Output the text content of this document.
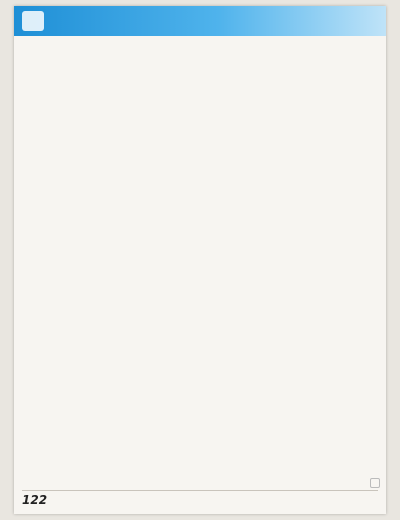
122
